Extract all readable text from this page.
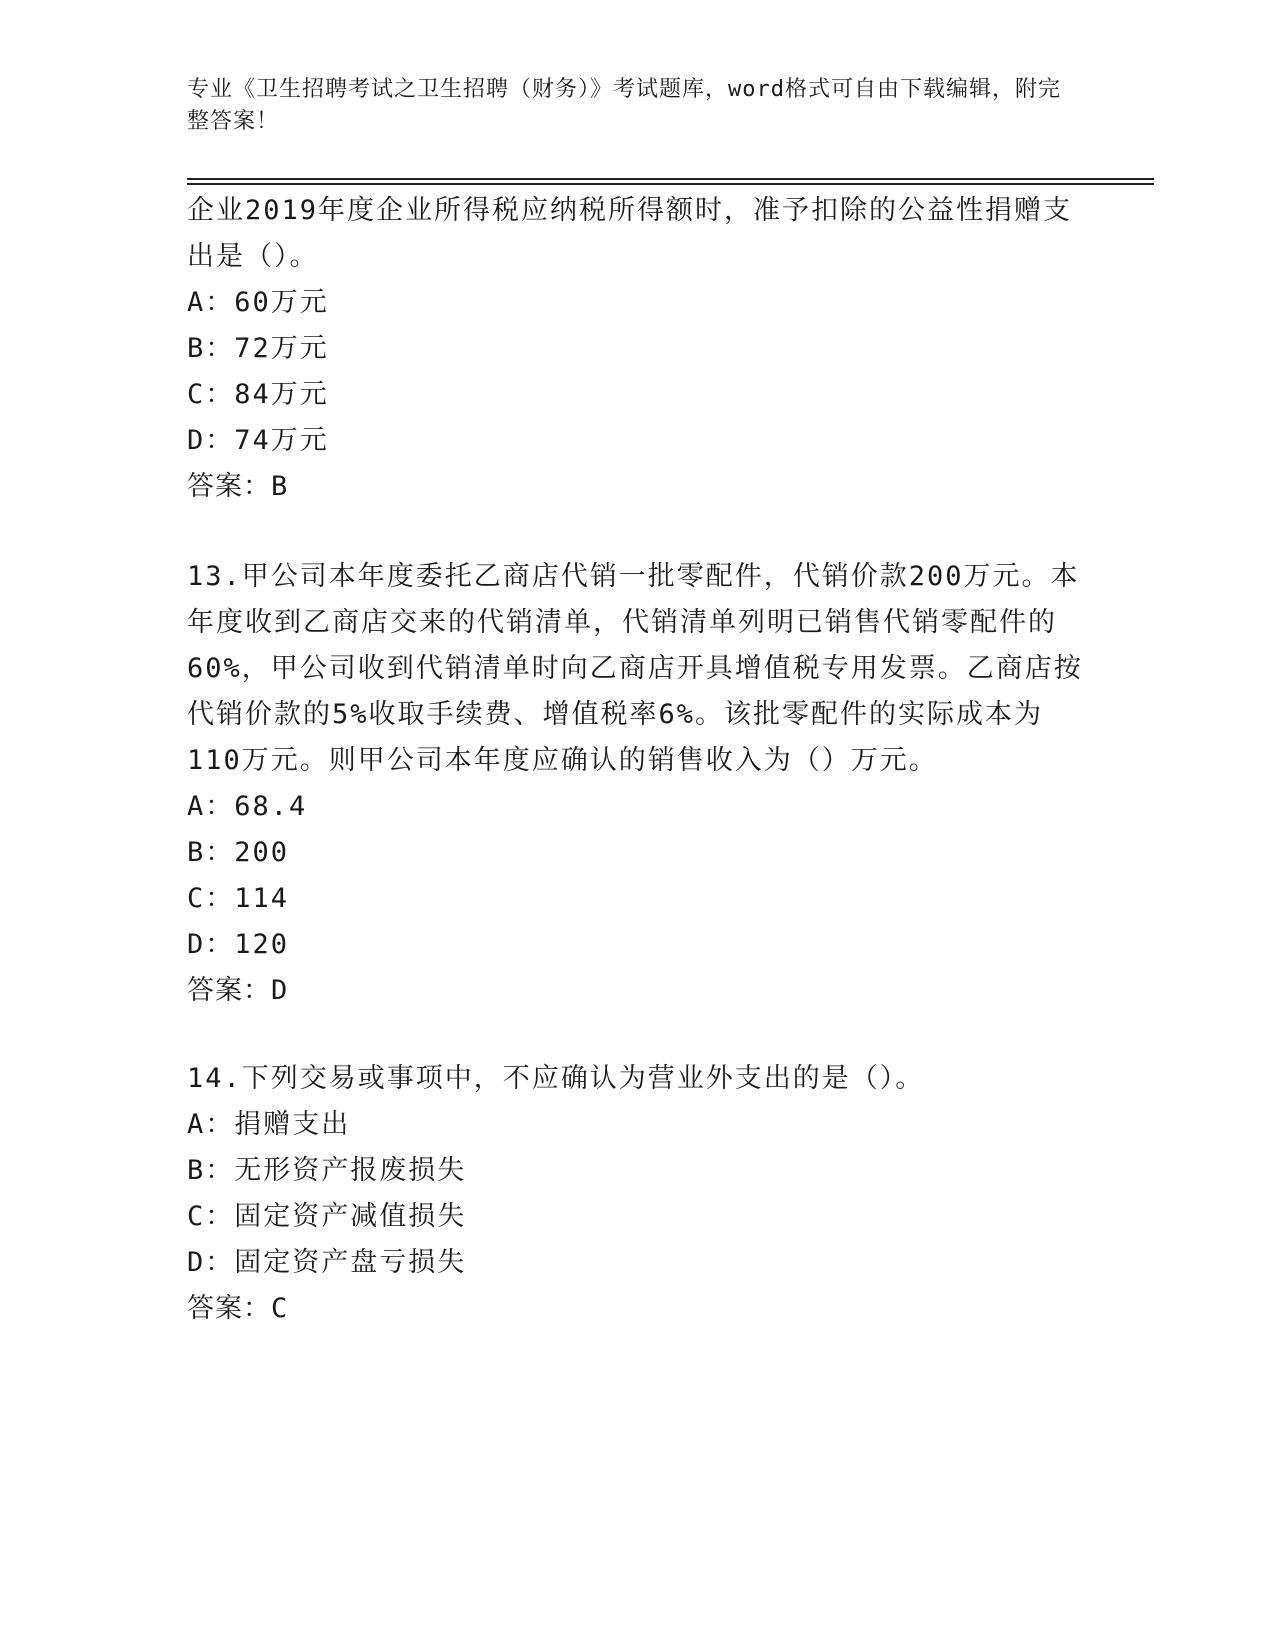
专业《卫生招聘考试之卫生招聘（财务）》考试题库，word格式可自由下载编辑，附完整答案！

企业2019年度企业所得税应纳税所得额时，准予扣除的公益性捐赠支出是（）。

A：60万元
B：72万元
C：84万元
D：74万元
答案：B

13.甲公司本年度委托乙商店代销一批零配件，代销价款200万元。本年度收到乙商店交来的代销清单，代销清单列明已销售代销零配件的60%，甲公司收到代销清单时向乙商店开具增值税专用发票。乙商店按代销价款的5%收取手续费、增值税率6%。该批零配件的实际成本为110万元。则甲公司本年度应确认的销售收入为（）万元。

A：68.4
B：200
C：114
D：120
答案：D

14.下列交易或事项中，不应确认为营业外支出的是（）。

A：捐赠支出
B：无形资产报废损失
C：固定资产减值损失
D：固定资产盘亏损失
答案：C
